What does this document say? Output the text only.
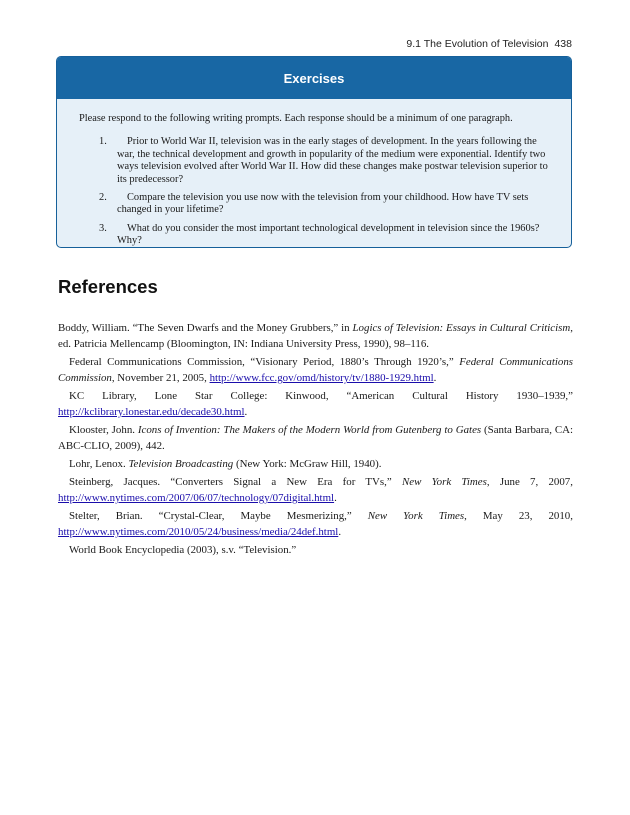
9.1 The Evolution of Television 438
Exercises

Please respond to the following writing prompts. Each response should be a minimum of one paragraph.

1.	Prior to World War II, television was in the early stages of development. In the years following the war, the technical development and growth in popularity of the medium were exponential. Identify two ways television evolved after World War II. How did these changes make postwar television superior to its predecessor?
2.	Compare the television you use now with the television from your childhood. How have TV sets changed in your lifetime?
3.	What do you consider the most important technological development in television since the 1960s? Why?
References

Boddy, William. “The Seven Dwarfs and the Money Grubbers,” in Logics of Television: Essays in Cultural Criticism, ed. Patricia Mellencamp (Bloomington, IN: Indiana University Press, 1990), 98–116.

Federal Communications Commission, “Visionary Period, 1880’s Through 1920’s,” Federal Communications Commission, November 21, 2005, http://www.fcc.gov/omd/history/tv/1880-1929.html.

KC Library, Lone Star College: Kinwood, “American Cultural History 1930–1939,” http://kclibrary.lonestar.edu/decade30.html.

Klooster, John. Icons of Invention: The Makers of the Modern World from Gutenberg to Gates (Santa Barbara, CA: ABC-CLIO, 2009), 442.

Lohr, Lenox. Television Broadcasting (New York: McGraw Hill, 1940).

Steinberg, Jacques. “Converters Signal a New Era for TVs,” New York Times, June 7, 2007, http://www.nytimes.com/2007/06/07/technology/07digital.html.

Stelter, Brian. “Crystal-Clear, Maybe Mesmerizing,” New York Times, May 23, 2010, http://www.nytimes.com/2010/05/24/business/media/24def.html.

World Book Encyclopedia (2003), s.v. “Television.”
